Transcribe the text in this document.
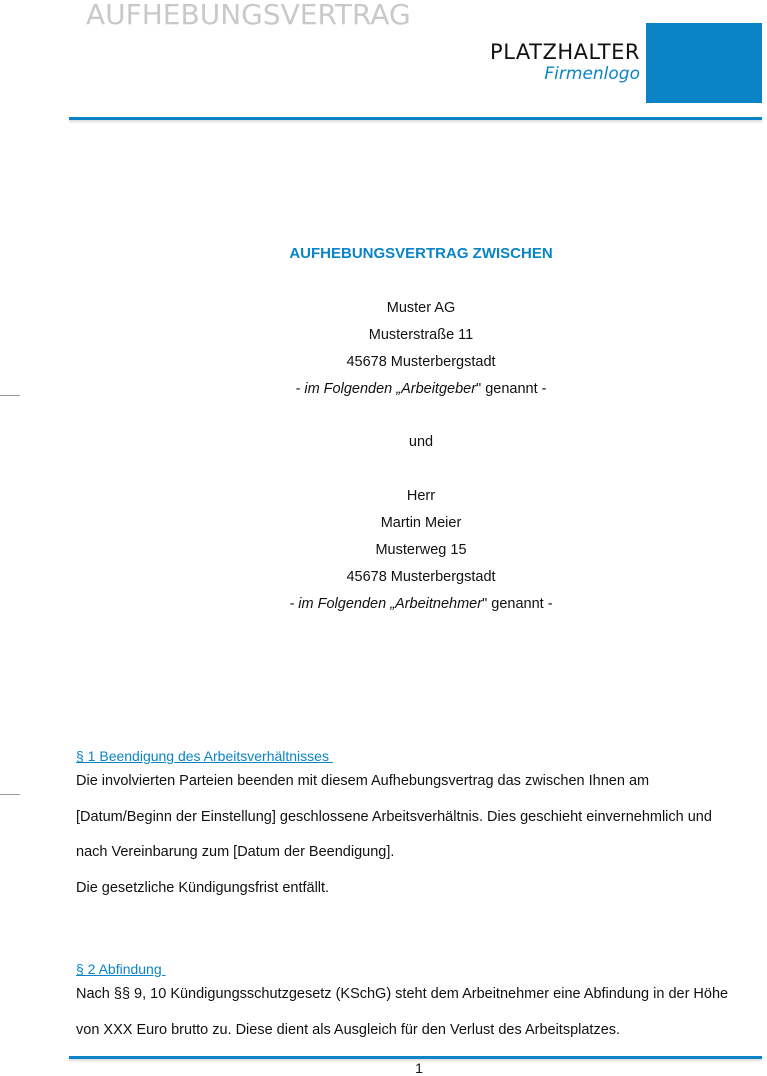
AUFHEBUNGSVERTRAG
PLATZHALTER
Firmenlogo
AUFHEBUNGSVERTRAG ZWISCHEN

Muster AG

Musterstraße 11

45678 Musterbergstadt

- im Folgenden „Arbeitgeber" genannt -

und

Herr

Martin Meier

Musterweg 15

45678 Musterbergstadt

- im Folgenden „Arbeitnehmer" genannt -

§ 1 Beendigung des Arbeitsverhältnisses

Die involvierten Parteien beenden mit diesem Aufhebungsvertrag das zwischen Ihnen am

[Datum/Beginn der Einstellung] geschlossene Arbeitsverhältnis. Dies geschieht einvernehmlich und

nach Vereinbarung zum [Datum der Beendigung].

Die gesetzliche Kündigungsfrist entfällt.

§ 2 Abfindung

Nach §§ 9, 10 Kündigungsschutzgesetz (KSchG) steht dem Arbeitnehmer eine Abfindung in der Höhe

von XXX Euro brutto zu. Diese dient als Ausgleich für den Verlust des Arbeitsplatzes.

1
